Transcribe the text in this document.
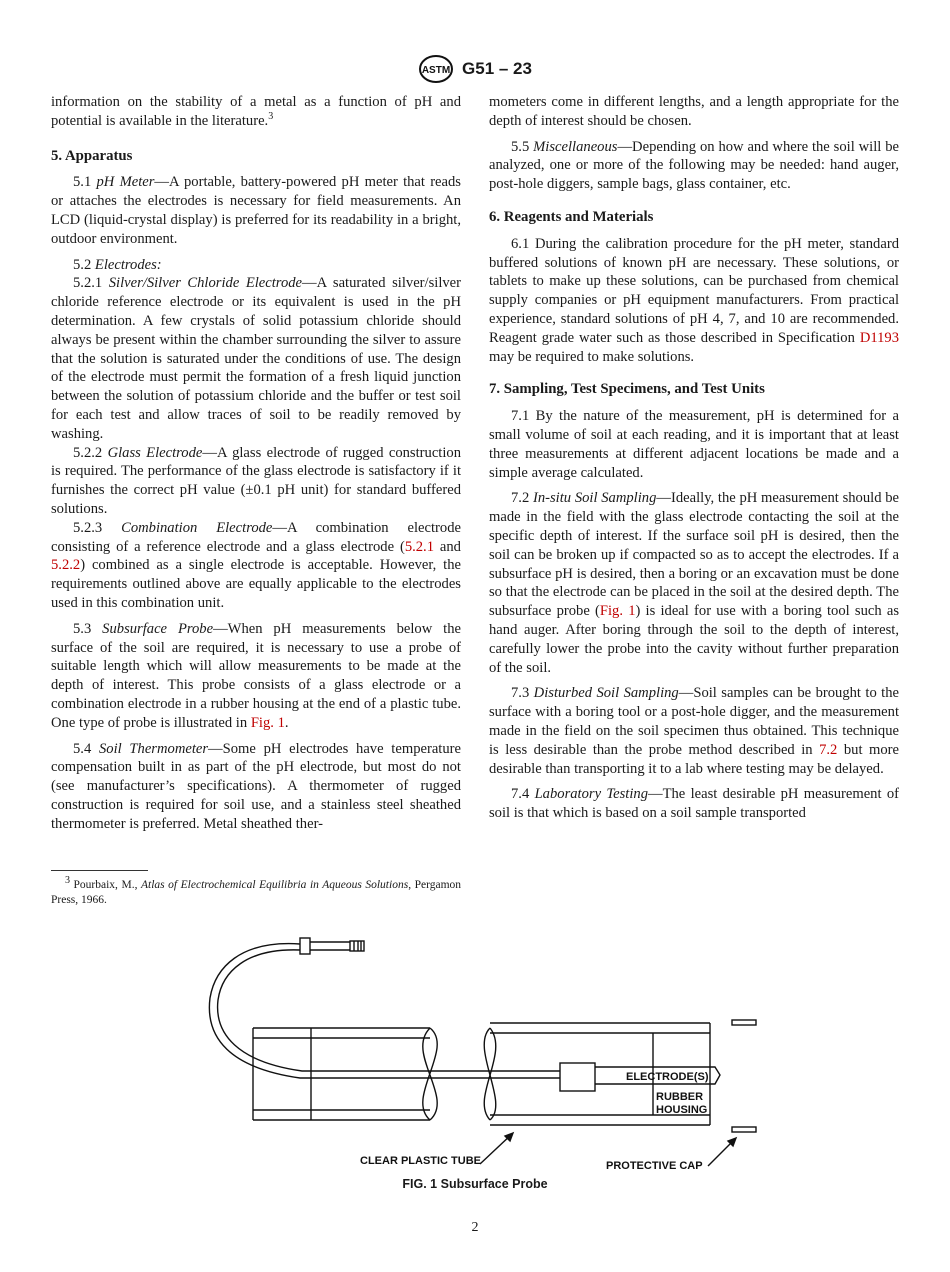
ASTM G51 – 23

information on the stability of a metal as a function of pH and potential is available in the literature.$^3$

5. Apparatus

5.1 pH Meter—A portable, battery-powered pH meter that reads or attaches the electrodes is necessary for field measurements. An LCD (liquid-crystal display) is preferred for its readability in a bright, outdoor environment.

5.2 Electrodes:

5.2.1 Silver/Silver Chloride Electrode—A saturated silver/silver chloride reference electrode or its equivalent is used in the pH determination. A few crystals of solid potassium chloride should always be present within the chamber surrounding the silver to assure that the solution is saturated under the conditions of use. The design of the electrode must permit the formation of a fresh liquid junction between the solution of potassium chloride and the buffer or test soil for each test and allow traces of soil to be readily removed by washing.

5.2.2 Glass Electrode—A glass electrode of rugged construction is required. The performance of the glass electrode is satisfactory if it furnishes the correct pH value (±0.1 pH unit) for standard buffered solutions.

5.2.3 Combination Electrode—A combination electrode consisting of a reference electrode and a glass electrode (5.2.1 and 5.2.2) combined as a single electrode is acceptable. However, the requirements outlined above are equally applicable to the electrodes used in this combination unit.

5.3 Subsurface Probe—When pH measurements below the surface of the soil are required, it is necessary to use a probe of suitable length which will allow measurements to be made at the depth of interest. This probe consists of a glass electrode or a combination electrode in a rubber housing at the end of a plastic tube. One type of probe is illustrated in Fig. 1.

5.4 Soil Thermometer—Some pH electrodes have temperature compensation built in as part of the pH electrode, but most do not (see manufacturer’s specifications). A thermometer of rugged construction is required for soil use, and a stainless steel sheathed thermometer is preferred. Metal sheathed ther-

mometers come in different lengths, and a length appropriate for the depth of interest should be chosen.

5.5 Miscellaneous—Depending on how and where the soil will be analyzed, one or more of the following may be needed: hand auger, post-hole diggers, sample bags, glass container, etc.

6. Reagents and Materials

6.1 During the calibration procedure for the pH meter, standard buffered solutions of known pH are necessary. These solutions, or tablets to make up these solutions, can be purchased from chemical supply companies or pH equipment manufacturers. From practical experience, standard solutions of pH 4, 7, and 10 are recommended. Reagent grade water such as those described in Specification D1193 may be required to make solutions.

7. Sampling, Test Specimens, and Test Units

7.1 By the nature of the measurement, pH is determined for a small volume of soil at each reading, and it is important that at least three measurements at different adjacent locations be made and a simple average calculated.

7.2 In-situ Soil Sampling—Ideally, the pH measurement should be made in the field with the glass electrode contacting the soil at the specific depth of interest. If the surface soil pH is desired, then the soil can be broken up if compacted so as to accept the electrodes. If a subsurface pH is desired, then a boring or an excavation must be done so that the electrode can be placed in the soil at the desired depth. The subsurface probe (Fig. 1) is ideal for use with a boring tool such as hand auger. After boring through the soil to the depth of interest, carefully lower the probe into the cavity without further preparation of the soil.

7.3 Disturbed Soil Sampling—Soil samples can be brought to the surface with a boring tool or a post-hole digger, and the measurement made in the field on the soil specimen thus obtained. This technique is less desirable than the probe method described in 7.2 but more desirable than transporting it to a lab where testing may be delayed.

7.4 Laboratory Testing—The least desirable pH measurement of soil is that which is based on a soil sample transported

$^3$ Pourbaix, M., Atlas of Electrochemical Equilibria in Aqueous Solutions, Pergamon Press, 1966.
ELECTRODE(S)
RUBBER
HOUSING
CLEAR PLASTIC TUBE	PROTECTIVE CAP
FIG. 1 Subsurface Probe
2
